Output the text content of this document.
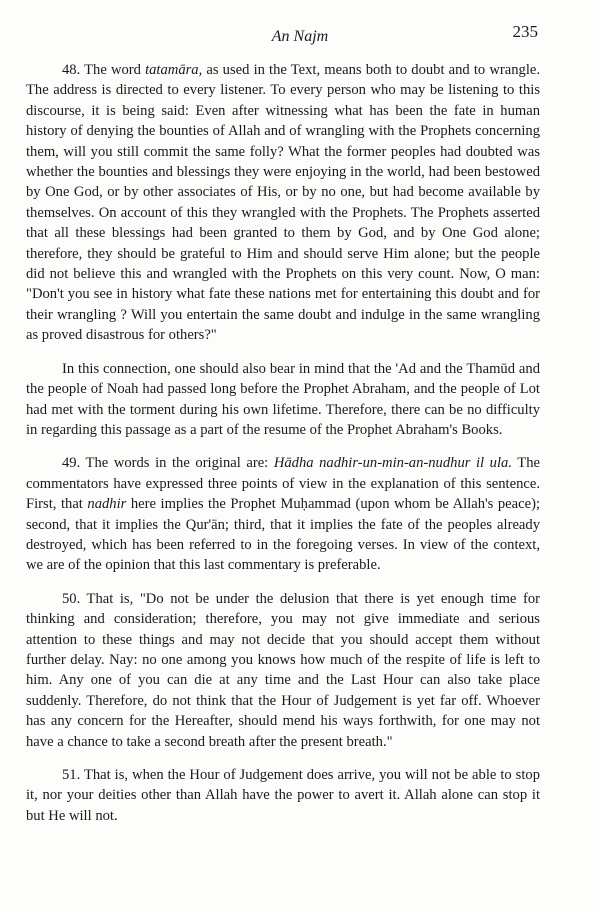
An Najm	235

48. The word tatamāra, as used in the Text, means both to doubt and to wrangle. The address is directed to every listener. To every person who may be listening to this discourse, it is being said: Even after witnessing what has been the fate in human history of denying the bounties of Allah and of wrangling with the Prophets concerning them, will you still commit the same folly? What the former peoples had doubted was whether the bounties and blessings they were enjoying in the world, had been bestowed by One God, or by other associates of His, or by no one, but had become available by themselves. On account of this they wrangled with the Prophets. The Prophets asserted that all these blessings had been granted to them by God, and by One God alone; therefore, they should be grateful to Him and should serve Him alone; but the people did not believe this and wrangled with the Prophets on this very count. Now, O man: "Don't you see in history what fate these nations met for entertaining this doubt and for their wrangling ? Will you entertain the same doubt and indulge in the same wrangling as proved disastrous for others?"

In this connection, one should also bear in mind that the 'Ad and the Thamūd and the people of Noah had passed long before the Prophet Abraham, and the people of Lot had met with the torment during his own lifetime. Therefore, there can be no difficulty in regarding this passage as a part of the resume of the Prophet Abraham's Books.

49. The words in the original are: Hādha nadhir-un-min-an-nudhur il ula. The commentators have expressed three points of view in the explanation of this sentence. First, that nadhir here implies the Prophet Muḥammad (upon whom be Allah's peace); second, that it implies the Qur'ān; third, that it implies the fate of the peoples already destroyed, which has been referred to in the foregoing verses. In view of the context, we are of the opinion that this last commentary is preferable.

50. That is, "Do not be under the delusion that there is yet enough time for thinking and consideration; therefore, you may not give immediate and serious attention to these things and may not decide that you should accept them without further delay. Nay: no one among you knows how much of the respite of life is left to him. Any one of you can die at any time and the Last Hour can also take place suddenly. Therefore, do not think that the Hour of Judgement is yet far off. Whoever has any concern for the Hereafter, should mend his ways forthwith, for one may not have a chance to take a second breath after the present breath."

51. That is, when the Hour of Judgement does arrive, you will not be able to stop it, nor your deities other than Allah have the power to avert it. Allah alone can stop it but He will not.
